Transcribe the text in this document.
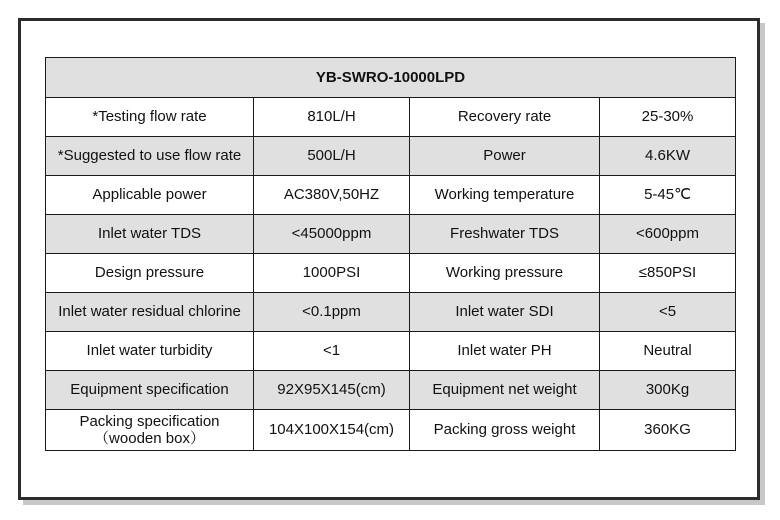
YB-SWRO-10000LPD			
*Testing flow rate	810L/H	Recovery rate	25-30%
*Suggested to use flow rate	500L/H	Power	4.6KW
Applicable power	AC380V,50HZ	Working temperature	5-45℃
Inlet water TDS	<45000ppm	Freshwater TDS	<600ppm
Design pressure	1000PSI	Working pressure	≤850PSI
Inlet water residual chlorine	<0.1ppm	Inlet water SDI	<5
Inlet water turbidity	<1	Inlet water PH	Neutral
Equipment specification	92X95X145(cm)	Equipment net weight	300Kg

Packing specification
（wooden box）	104X100X154(cm)	Packing gross weight	360KG
